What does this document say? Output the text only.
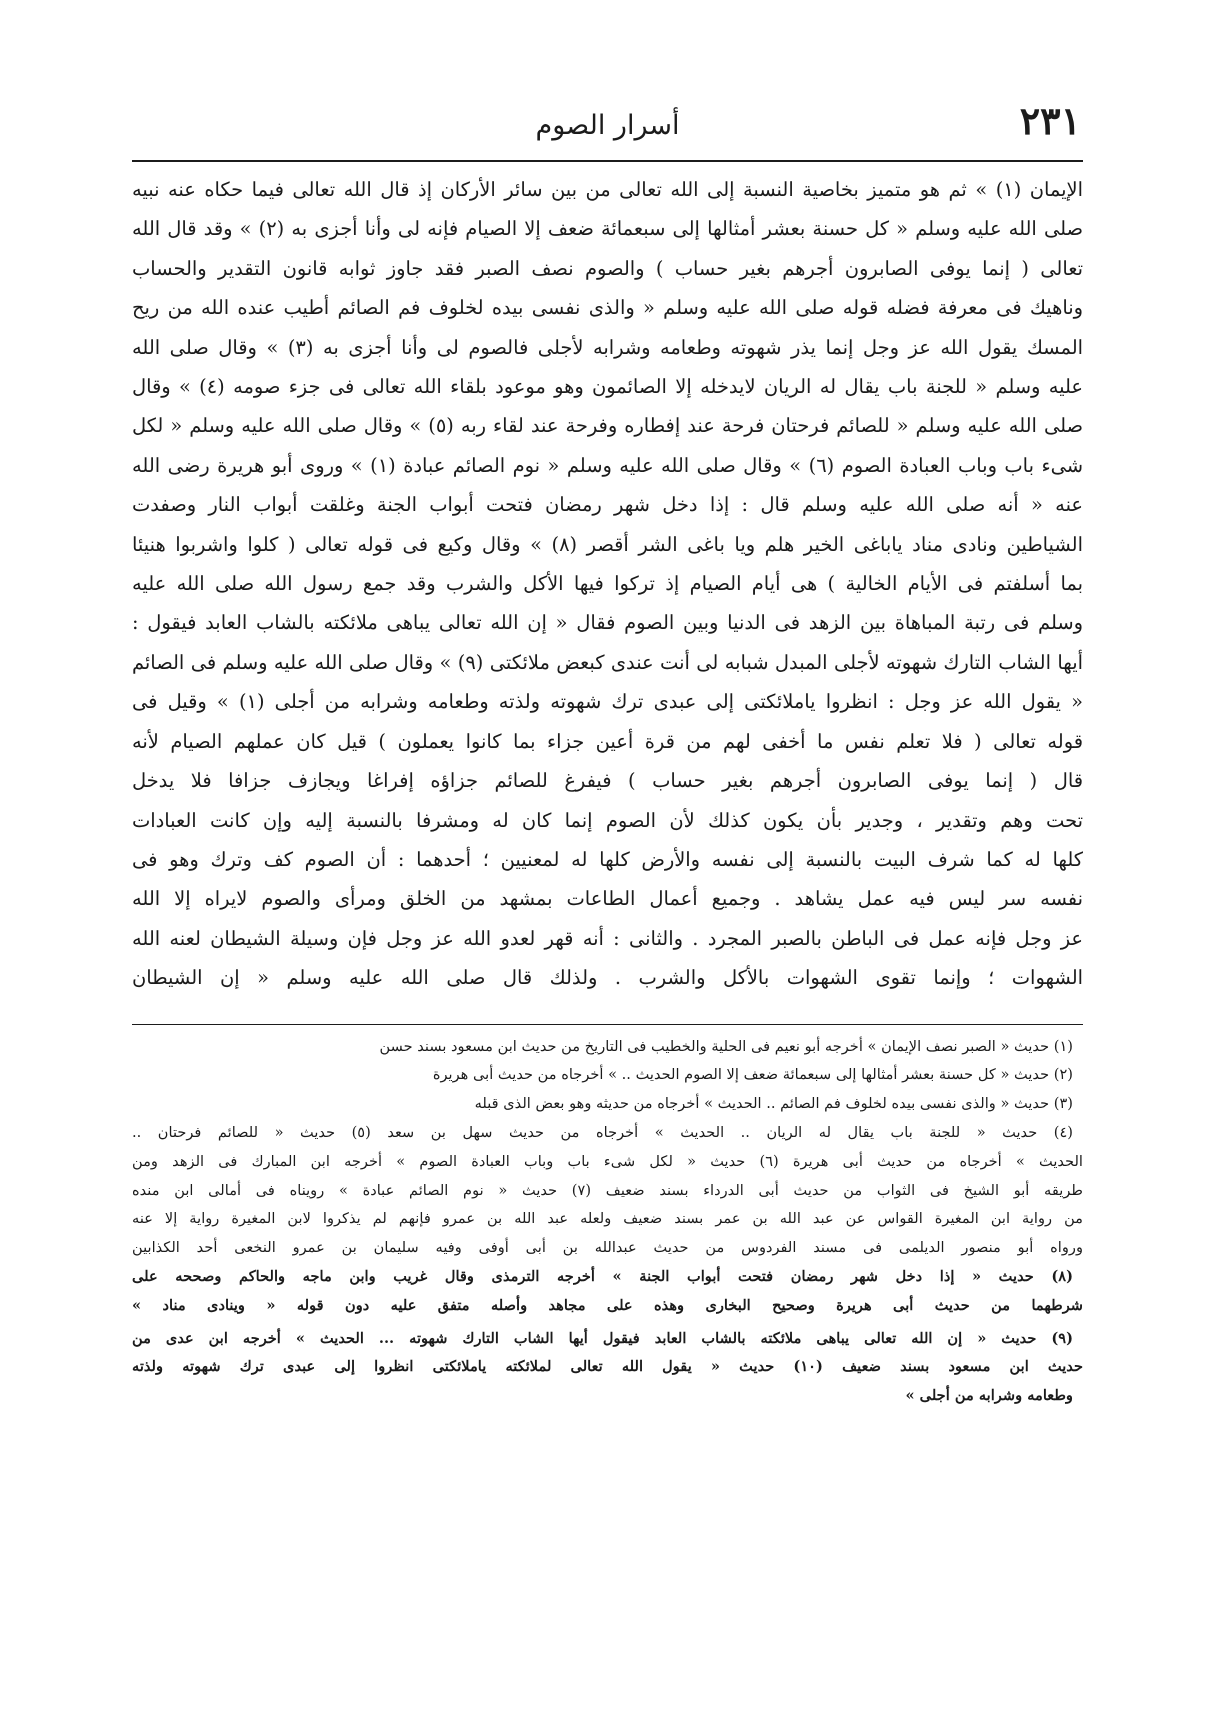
٢٣١
أسرار الصوم
الإيمان (١) » ثم هو متميز بخاصية النسبة إلى الله تعالى من بين سائر الأركان إذ قال الله تعالى فيما حكاه عنه نبيه
صلى الله عليه وسلم « كل حسنة بعشر أمثالها إلى سبعمائة ضعف إلا الصيام فإنه لى وأنا أجزى به (٢) » وقد قال الله
تعالى ( إنما يوفى الصابرون أجرهم بغير حساب ) والصوم نصف الصبر فقد جاوز ثوابه قانون التقدير والحساب
وناهيك فى معرفة فضله قوله صلى الله عليه وسلم « والذى نفسى بيده لخلوف فم الصائم أطيب عنده الله من ريح
المسك يقول الله عز وجل إنما يذر شهوته وطعامه وشرابه لأجلى فالصوم لى وأنا أجزى به (٣) » وقال صلى الله
عليه وسلم « للجنة باب يقال له الريان لايدخله إلا الصائمون وهو موعود بلقاء الله تعالى فى جزء صومه (٤) » وقال
صلى الله عليه وسلم « للصائم فرحتان فرحة عند إفطاره وفرحة عند لقاء ربه (٥) » وقال صلى الله عليه وسلم « لكل
شىء باب وباب العبادة الصوم (٦) » وقال صلى الله عليه وسلم « نوم الصائم عبادة (١) » وروى أبو هريرة رضى الله
عنه « أنه صلى الله عليه وسلم قال : إذا دخل شهر رمضان فتحت أبواب الجنة وغلقت أبواب النار وصفدت
الشياطين ونادى مناد ياباغى الخير هلم ويا باغى الشر أقصر (٨) » وقال وكيع فى قوله تعالى ( كلوا واشربوا هنيئا
بما أسلفتم فى الأيام الخالية ) هى أيام الصيام إذ تركوا فيها الأكل والشرب وقد جمع رسول الله صلى الله عليه
وسلم فى رتبة المباهاة بين الزهد فى الدنيا وبين الصوم فقال « إن الله تعالى يباهى ملائكته بالشاب العابد فيقول :
أيها الشاب التارك شهوته لأجلى المبدل شبابه لى أنت عندى كبعض ملائكتى (٩) » وقال صلى الله عليه وسلم فى الصائم
« يقول الله عز وجل : انظروا ياملائكتى إلى عبدى ترك شهوته ولذته وطعامه وشرابه من أجلى (١) » وقيل فى
قوله تعالى ( فلا تعلم نفس ما أخفى لهم من قرة أعين جزاء بما كانوا يعملون ) قيل كان عملهم الصيام لأنه
قال ( إنما يوفى الصابرون أجرهم بغير حساب ) فيفرغ للصائم جزاؤه إفراغا ويجازف جزافا فلا يدخل
تحت وهم وتقدير ، وجدير بأن يكون كذلك لأن الصوم إنما كان له ومشرفا بالنسبة إليه وإن كانت العبادات
كلها له كما شرف البيت بالنسبة إلى نفسه والأرض كلها له لمعنيين ؛ أحدهما : أن الصوم كف وترك وهو فى
نفسه سر ليس فيه عمل يشاهد . وجميع أعمال الطاعات بمشهد من الخلق ومرأى والصوم لايراه إلا الله
عز وجل فإنه عمل فى الباطن بالصبر المجرد . والثانى : أنه قهر لعدو الله عز وجل فإن وسيلة الشيطان لعنه الله
الشهوات ؛ وإنما تقوى الشهوات بالأكل والشرب . ولذلك قال صلى الله عليه وسلم « إن الشيطان
(١) حديث « الصبر نصف الإيمان » أخرجه أبو نعيم فى الحلية والخطيب فى التاريخ من حديث ابن مسعود بسند حسن
(٢) حديث « كل حسنة بعشر أمثالها إلى سبعمائة ضعف إلا الصوم الحديث .. » أخرجاه من حديث أبى هريرة
(٣) حديث « والذى نفسى بيده لخلوف فم الصائم .. الحديث » أخرجاه من حديثه وهو بعض الذى قبله
(٤) حديث « للجنة باب يقال له الريان .. الحديث » أخرجاه من حديث سهل بن سعد (٥) حديث « للصائم فرحتان ..
الحديث » أخرجاه من حديث أبى هريرة (٦) حديث « لكل شىء باب وباب العبادة الصوم » أخرجه ابن المبارك فى الزهد ومن
طريقه أبو الشيخ فى الثواب من حديث أبى الدرداء بسند ضعيف (٧) حديث « نوم الصائم عبادة » رويناه فى أمالى ابن منده
من رواية ابن المغيرة القواس عن عبد الله بن عمر بسند ضعيف ولعله عبد الله بن عمرو فإنهم لم يذكروا لابن المغيرة رواية إلا عنه
ورواه أبو منصور الديلمى فى مسند الفردوس من حديث عبدالله بن أبى أوفى وفيه سليمان بن عمرو النخعى أحد الكذابين
(٨) حديث « إذا دخل شهر رمضان فتحت أبواب الجنة » أخرجه الترمذى وقال غريب وابن ماجه والحاكم وصححه على
شرطهما من حديث أبى هريرة وصحيح البخارى وهذه على مجاهد وأصله متفق عليه دون قوله « وينادى مناد »
(٩) حديث « إن الله تعالى يباهى ملائكته بالشاب العابد فيقول أيها الشاب التارك شهوته ... الحديث » أخرجه ابن عدى من
حديث ابن مسعود بسند ضعيف (١٠) حديث « يقول الله تعالى لملائكته ياملائكتى انظروا إلى عبدى ترك شهوته ولذته
وطعامه وشرابه من أجلى »
